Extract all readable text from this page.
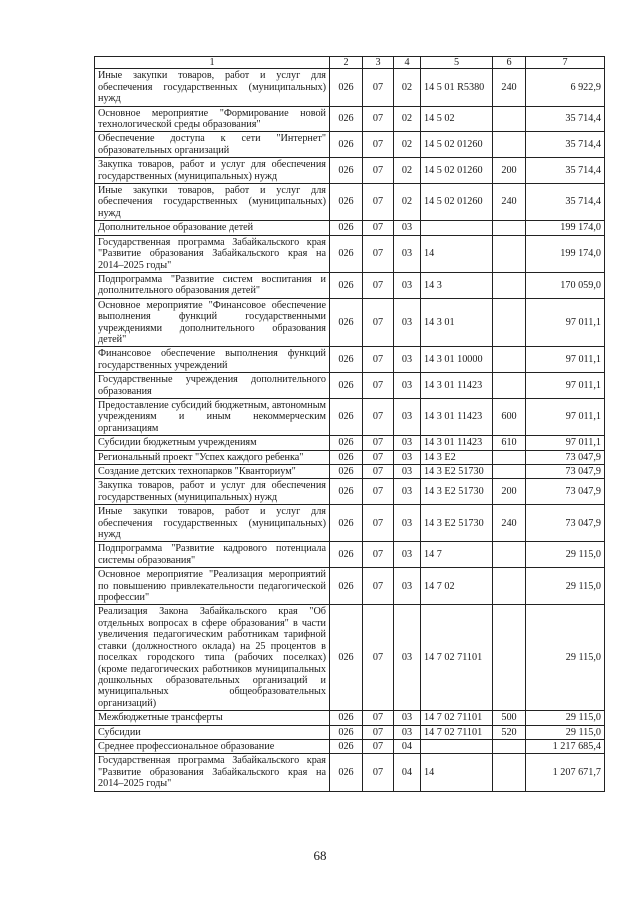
1	2	3	4	5	6	7
Иные закупки товаров, работ и услуг для обеспечения государственных (муниципальных) нужд	026	07	02	14 5 01 R5380	240	6 922,9
Основное мероприятие "Формирование новой технологической среды образования"	026	07	02	14 5 02		35 714,4
Обеспечение доступа к сети "Интернет" образовательных организаций	026	07	02	14 5 02 01260		35 714,4
Закупка товаров, работ и услуг для обеспечения государственных (муниципальных) нужд	026	07	02	14 5 02 01260	200	35 714,4
Иные закупки товаров, работ и услуг для обеспечения государственных (муниципальных) нужд	026	07	02	14 5 02 01260	240	35 714,4
Дополнительное образование детей	026	07	03			199 174,0
Государственная программа Забайкальского края "Развитие образования Забайкальского края на 2014–2025 годы"	026	07	03	14		199 174,0
Подпрограмма "Развитие систем воспитания и дополнительного образования детей"	026	07	03	14 3		170 059,0
Основное мероприятие "Финансовое обеспечение выполнения функций государственными учреждениями дополнительного образования детей"	026	07	03	14 3 01		97 011,1
Финансовое обеспечение выполнения функций государственных учреждений	026	07	03	14 3 01 10000		97 011,1
Государственные учреждения дополнительного образования	026	07	03	14 3 01 11423		97 011,1
Предоставление субсидий бюджетным, автономным учреждениям и иным некоммерческим организациям	026	07	03	14 3 01 11423	600	97 011,1
Субсидии бюджетным учреждениям	026	07	03	14 3 01 11423	610	97 011,1
Региональный проект "Успех каждого ребенка"	026	07	03	14 3 E2		73 047,9
Создание детских технопарков "Кванториум"	026	07	03	14 3 E2 51730		73 047,9
Закупка товаров, работ и услуг для обеспечения государственных (муниципальных) нужд	026	07	03	14 3 E2 51730	200	73 047,9
Иные закупки товаров, работ и услуг для обеспечения государственных (муниципальных) нужд	026	07	03	14 3 E2 51730	240	73 047,9
Подпрограмма "Развитие кадрового потенциала системы образования"	026	07	03	14 7		29 115,0
Основное мероприятие "Реализация мероприятий по повышению привлекательности педагогической профессии"	026	07	03	14 7 02		29 115,0
Реализация Закона Забайкальского края "Об отдельных вопросах в сфере образования" в части увеличения педагогическим работникам тарифной ставки (должностного оклада) на 25 процентов в поселках городского типа (рабочих поселках) (кроме педагогических работников муниципальных дошкольных образовательных организаций и муниципальных общеобразовательных организаций)	026	07	03	14 7 02 71101		29 115,0
Межбюджетные трансферты	026	07	03	14 7 02 71101	500	29 115,0
Субсидии	026	07	03	14 7 02 71101	520	29 115,0
Среднее профессиональное образование	026	07	04			1 217 685,4
Государственная программа Забайкальского края "Развитие образования Забайкальского края на 2014–2025 годы"	026	07	04	14		1 207 671,7
68
